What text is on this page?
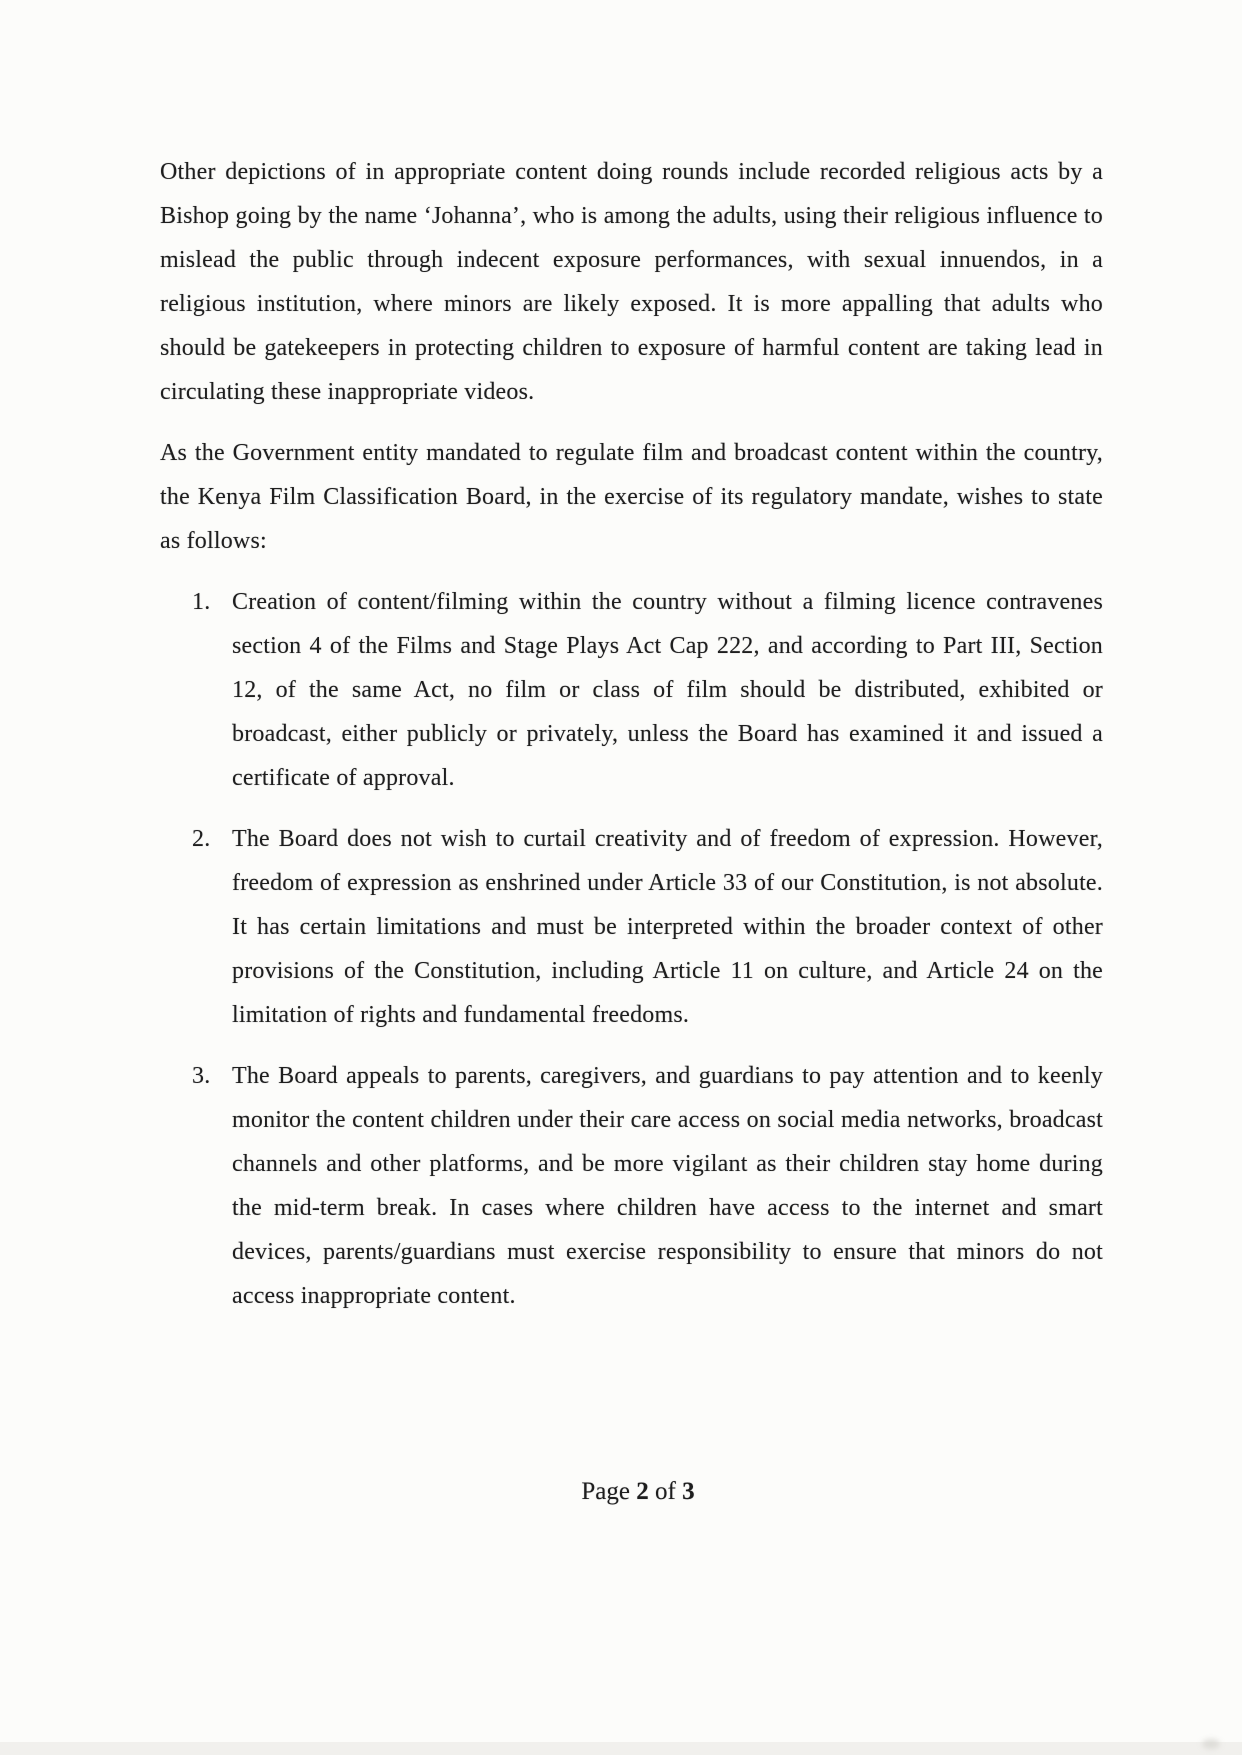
Other depictions of in appropriate content doing rounds include recorded religious acts by a Bishop going by the name ‘Johanna’, who is among the adults, using their religious influence to mislead the public through indecent exposure performances, with sexual innuendos, in a religious institution, where minors are likely exposed. It is more appalling that adults who should be gatekeepers in protecting children to exposure of harmful content are taking lead in circulating these inappropriate videos.

As the Government entity mandated to regulate film and broadcast content within the country, the Kenya Film Classification Board, in the exercise of its regulatory mandate, wishes to state as follows:

1. Creation of content/filming within the country without a filming licence contravenes section 4 of the Films and Stage Plays Act Cap 222, and according to Part III, Section 12, of the same Act, no film or class of film should be distributed, exhibited or broadcast, either publicly or privately, unless the Board has examined it and issued a certificate of approval.
2. The Board does not wish to curtail creativity and of freedom of expression. However, freedom of expression as enshrined under Article 33 of our Constitution, is not absolute. It has certain limitations and must be interpreted within the broader context of other provisions of the Constitution, including Article 11 on culture, and Article 24 on the limitation of rights and fundamental freedoms.
3. The Board appeals to parents, caregivers, and guardians to pay attention and to keenly monitor the content children under their care access on social media networks, broadcast channels and other platforms, and be more vigilant as their children stay home during the mid-term break. In cases where children have access to the internet and smart devices, parents/guardians must exercise responsibility to ensure that minors do not access inappropriate content.
Page 2 of 3
